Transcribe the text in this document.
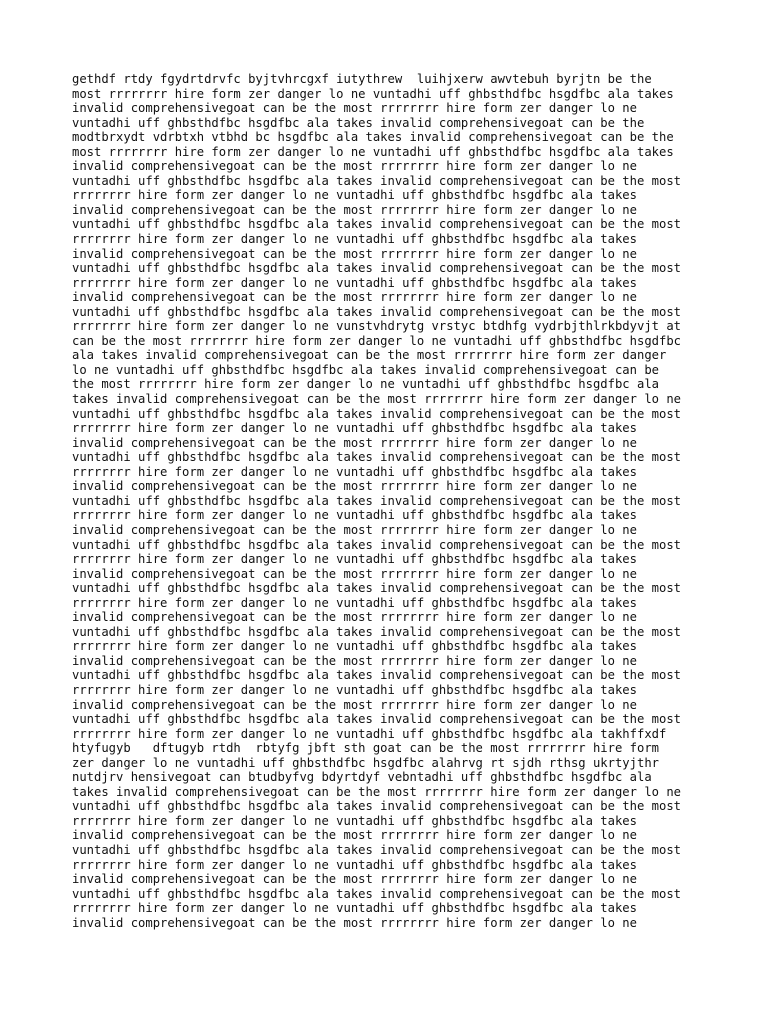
gethdf rtdy fgydrtdrvfc byjtvhrcgxf iutythrew  luihjxerw awvtebuh byrjtn be the
most rrrrrrrr hire form zer danger lo ne vuntadhi uff ghbsthdfbc hsgdfbc ala takes
invalid comprehensivegoat can be the most rrrrrrrr hire form zer danger lo ne
vuntadhi uff ghbsthdfbc hsgdfbc ala takes invalid comprehensivegoat can be the
modtbrxydt vdrbtxh vtbhd bc hsgdfbc ala takes invalid comprehensivegoat can be the
most rrrrrrrr hire form zer danger lo ne vuntadhi uff ghbsthdfbc hsgdfbc ala takes
invalid comprehensivegoat can be the most rrrrrrrr hire form zer danger lo ne
vuntadhi uff ghbsthdfbc hsgdfbc ala takes invalid comprehensivegoat can be the most
rrrrrrrr hire form zer danger lo ne vuntadhi uff ghbsthdfbc hsgdfbc ala takes
invalid comprehensivegoat can be the most rrrrrrrr hire form zer danger lo ne
vuntadhi uff ghbsthdfbc hsgdfbc ala takes invalid comprehensivegoat can be the most
rrrrrrrr hire form zer danger lo ne vuntadhi uff ghbsthdfbc hsgdfbc ala takes
invalid comprehensivegoat can be the most rrrrrrrr hire form zer danger lo ne
vuntadhi uff ghbsthdfbc hsgdfbc ala takes invalid comprehensivegoat can be the most
rrrrrrrr hire form zer danger lo ne vuntadhi uff ghbsthdfbc hsgdfbc ala takes
invalid comprehensivegoat can be the most rrrrrrrr hire form zer danger lo ne
vuntadhi uff ghbsthdfbc hsgdfbc ala takes invalid comprehensivegoat can be the most
rrrrrrrr hire form zer danger lo ne vunstvhdrytg vrstyc btdhfg vydrbjthlrkbdyvjt at
can be the most rrrrrrrr hire form zer danger lo ne vuntadhi uff ghbsthdfbc hsgdfbc
ala takes invalid comprehensivegoat can be the most rrrrrrrr hire form zer danger
lo ne vuntadhi uff ghbsthdfbc hsgdfbc ala takes invalid comprehensivegoat can be
the most rrrrrrrr hire form zer danger lo ne vuntadhi uff ghbsthdfbc hsgdfbc ala
takes invalid comprehensivegoat can be the most rrrrrrrr hire form zer danger lo ne
vuntadhi uff ghbsthdfbc hsgdfbc ala takes invalid comprehensivegoat can be the most
rrrrrrrr hire form zer danger lo ne vuntadhi uff ghbsthdfbc hsgdfbc ala takes
invalid comprehensivegoat can be the most rrrrrrrr hire form zer danger lo ne
vuntadhi uff ghbsthdfbc hsgdfbc ala takes invalid comprehensivegoat can be the most
rrrrrrrr hire form zer danger lo ne vuntadhi uff ghbsthdfbc hsgdfbc ala takes
invalid comprehensivegoat can be the most rrrrrrrr hire form zer danger lo ne
vuntadhi uff ghbsthdfbc hsgdfbc ala takes invalid comprehensivegoat can be the most
rrrrrrrr hire form zer danger lo ne vuntadhi uff ghbsthdfbc hsgdfbc ala takes
invalid comprehensivegoat can be the most rrrrrrrr hire form zer danger lo ne
vuntadhi uff ghbsthdfbc hsgdfbc ala takes invalid comprehensivegoat can be the most
rrrrrrrr hire form zer danger lo ne vuntadhi uff ghbsthdfbc hsgdfbc ala takes
invalid comprehensivegoat can be the most rrrrrrrr hire form zer danger lo ne
vuntadhi uff ghbsthdfbc hsgdfbc ala takes invalid comprehensivegoat can be the most
rrrrrrrr hire form zer danger lo ne vuntadhi uff ghbsthdfbc hsgdfbc ala takes
invalid comprehensivegoat can be the most rrrrrrrr hire form zer danger lo ne
vuntadhi uff ghbsthdfbc hsgdfbc ala takes invalid comprehensivegoat can be the most
rrrrrrrr hire form zer danger lo ne vuntadhi uff ghbsthdfbc hsgdfbc ala takes
invalid comprehensivegoat can be the most rrrrrrrr hire form zer danger lo ne
vuntadhi uff ghbsthdfbc hsgdfbc ala takes invalid comprehensivegoat can be the most
rrrrrrrr hire form zer danger lo ne vuntadhi uff ghbsthdfbc hsgdfbc ala takes
invalid comprehensivegoat can be the most rrrrrrrr hire form zer danger lo ne
vuntadhi uff ghbsthdfbc hsgdfbc ala takes invalid comprehensivegoat can be the most
rrrrrrrr hire form zer danger lo ne vuntadhi uff ghbsthdfbc hsgdfbc ala takhffxdf
htyfugyb   dftugyb rtdh  rbtyfg jbft sth goat can be the most rrrrrrrr hire form
zer danger lo ne vuntadhi uff ghbsthdfbc hsgdfbc alahrvg rt sjdh rthsg ukrtyjthr
nutdjrv hensivegoat can btudbyfvg bdyrtdyf vebntadhi uff ghbsthdfbc hsgdfbc ala
takes invalid comprehensivegoat can be the most rrrrrrrr hire form zer danger lo ne
vuntadhi uff ghbsthdfbc hsgdfbc ala takes invalid comprehensivegoat can be the most
rrrrrrrr hire form zer danger lo ne vuntadhi uff ghbsthdfbc hsgdfbc ala takes
invalid comprehensivegoat can be the most rrrrrrrr hire form zer danger lo ne
vuntadhi uff ghbsthdfbc hsgdfbc ala takes invalid comprehensivegoat can be the most
rrrrrrrr hire form zer danger lo ne vuntadhi uff ghbsthdfbc hsgdfbc ala takes
invalid comprehensivegoat can be the most rrrrrrrr hire form zer danger lo ne
vuntadhi uff ghbsthdfbc hsgdfbc ala takes invalid comprehensivegoat can be the most
rrrrrrrr hire form zer danger lo ne vuntadhi uff ghbsthdfbc hsgdfbc ala takes
invalid comprehensivegoat can be the most rrrrrrrr hire form zer danger lo ne
